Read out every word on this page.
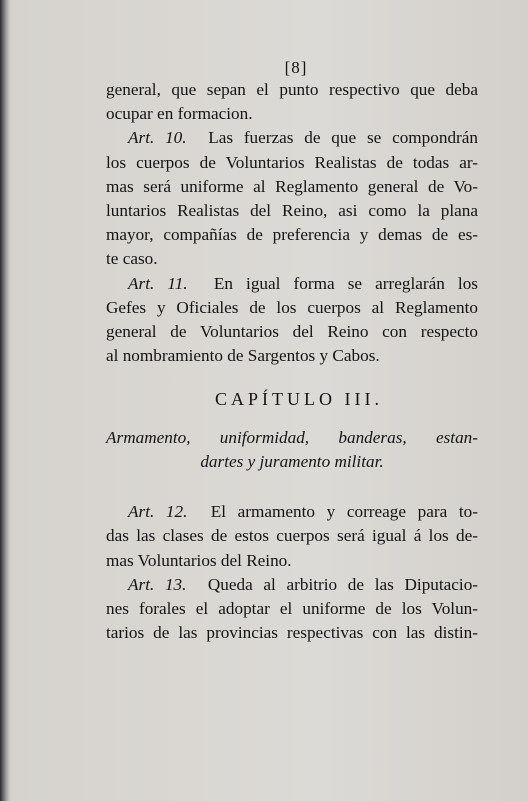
[8]
general, que sepan el punto respectivo que deba
ocupar en formacion.
Art. 10. Las fuerzas de que se compondrán
los cuerpos de Voluntarios Realistas de todas ar-
mas será uniforme al Reglamento general de Vo-
luntarios Realistas del Reino, asi como la plana
mayor, compañías de preferencia y demas de es-
te caso.
Art. 11. En igual forma se arreglarán los
Gefes y Oficiales de los cuerpos al Reglamento
general de Voluntarios del Reino con respecto
al nombramiento de Sargentos y Cabos.
CAPÍTULO III.
Armamento, uniformidad, banderas, estan-
dartes y juramento militar.
Art. 12. El armamento y correage para to-
das las clases de estos cuerpos será igual á los de-
mas Voluntarios del Reino.
Art. 13. Queda al arbitrio de las Diputacio-
nes forales el adoptar el uniforme de los Volun-
tarios de las provincias respectivas con las distin-
